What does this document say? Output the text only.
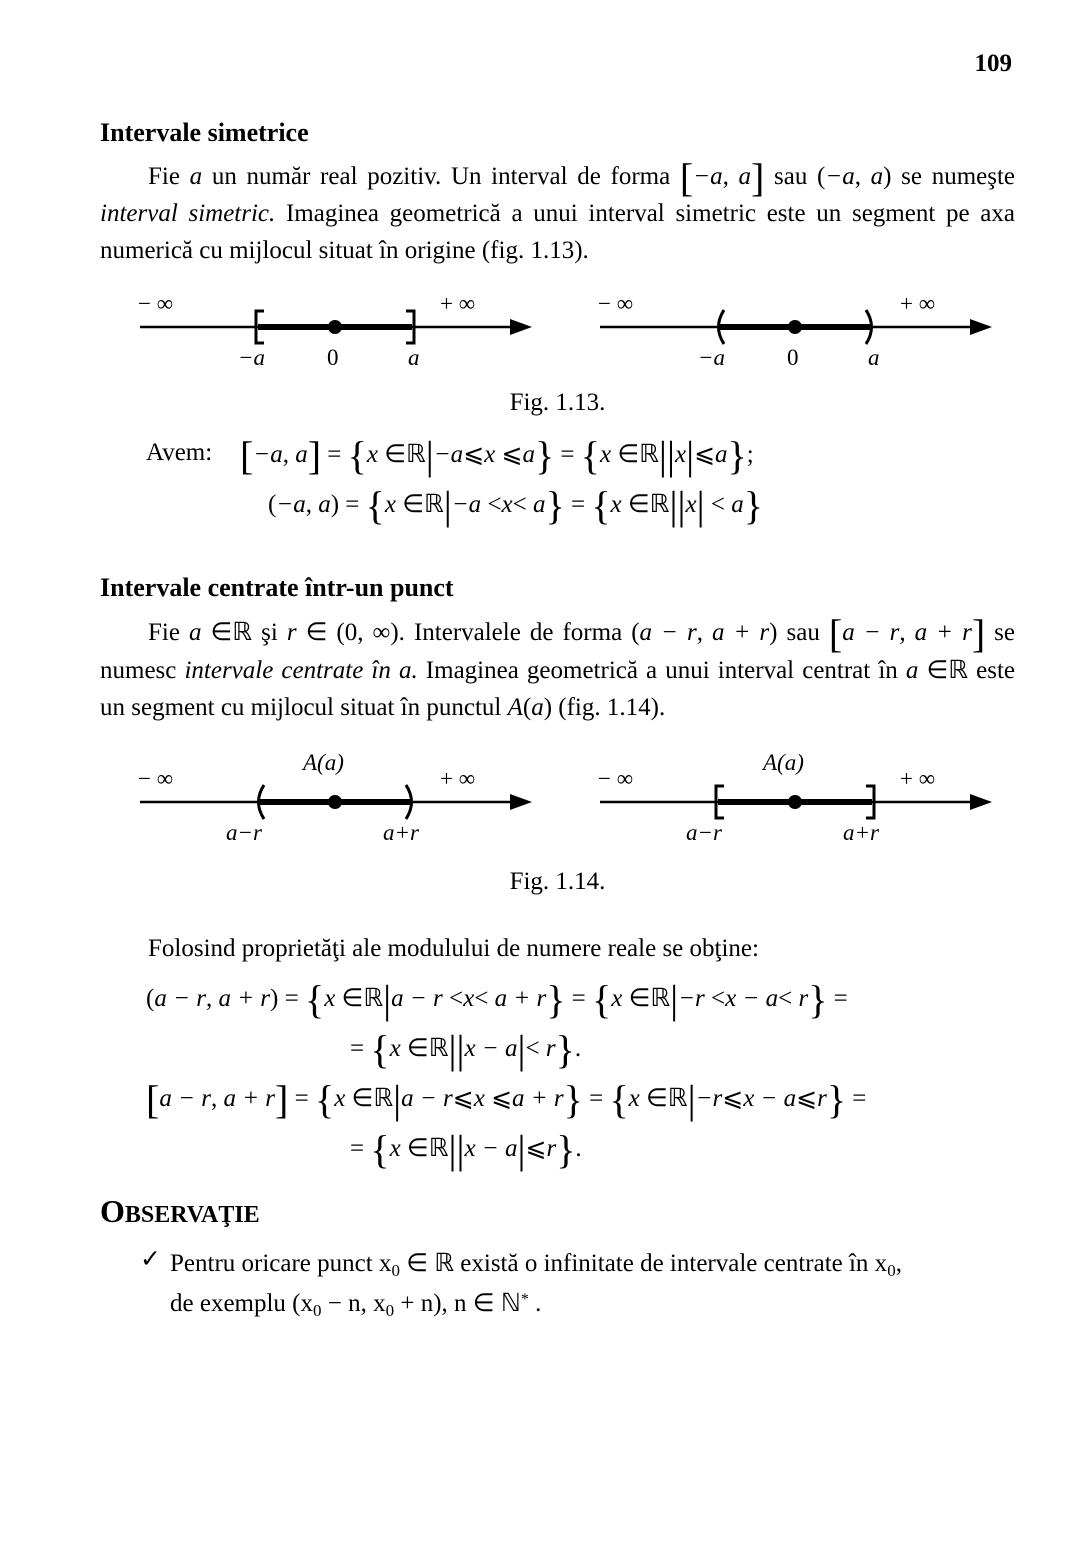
109
Intervale simetrice

Fie a un număr real pozitiv. Un interval de forma [−a, a] sau (−a, a) se numeşte interval simetric. Imaginea geometrică a unui interval simetric este un segment pe axa numerică cu mijlocul situat în origine (fig. 1.13).

− ∞	+ ∞
−a	0	a
− ∞	+ ∞
−a	0	a
Fig. 1.13.
Avem: [−a, a] = {x ∈ℝ|−a⩽x ⩽a} = {x ∈ℝ||x|⩽a};
(−a, a) = {x ∈ℝ|−a <x< a} = {x ∈ℝ||x| < a}
Intervale centrate într-un punct

Fie a ∈ℝ şi r ∈ (0, ∞). Intervalele de forma (a − r, a + r) sau [a − r, a + r] se numesc intervale centrate în a. Imaginea geometrică a unui interval centrat în a ∈ℝ este un segment cu mijlocul situat în punctul A(a) (fig. 1.14).

− ∞	+ ∞
A(a)
a−r	a+r
− ∞	+ ∞
A(a)
a−r	a+r
Fig. 1.14.

Folosind proprietăţi ale modulului de numere reale se obţine:

(a − r, a + r) = {x ∈ℝ|a − r <x< a + r} = {x ∈ℝ|−r <x − a< r} =
= {x ∈ℝ||x − a|< r}.
[a − r, a + r] = {x ∈ℝ|a − r⩽x ⩽a + r} = {x ∈ℝ|−r⩽x − a⩽r} =
= {x ∈ℝ||x − a|⩽r}.
OBSERVAŢIE
✓ Pentru oricare punct $x_0$ ∈ ℝ există o infinitate de intervale centrate în $x_0$,
de exemplu ($x_0 - n$, $x_0 + n$), n ∈ ℕ* .
